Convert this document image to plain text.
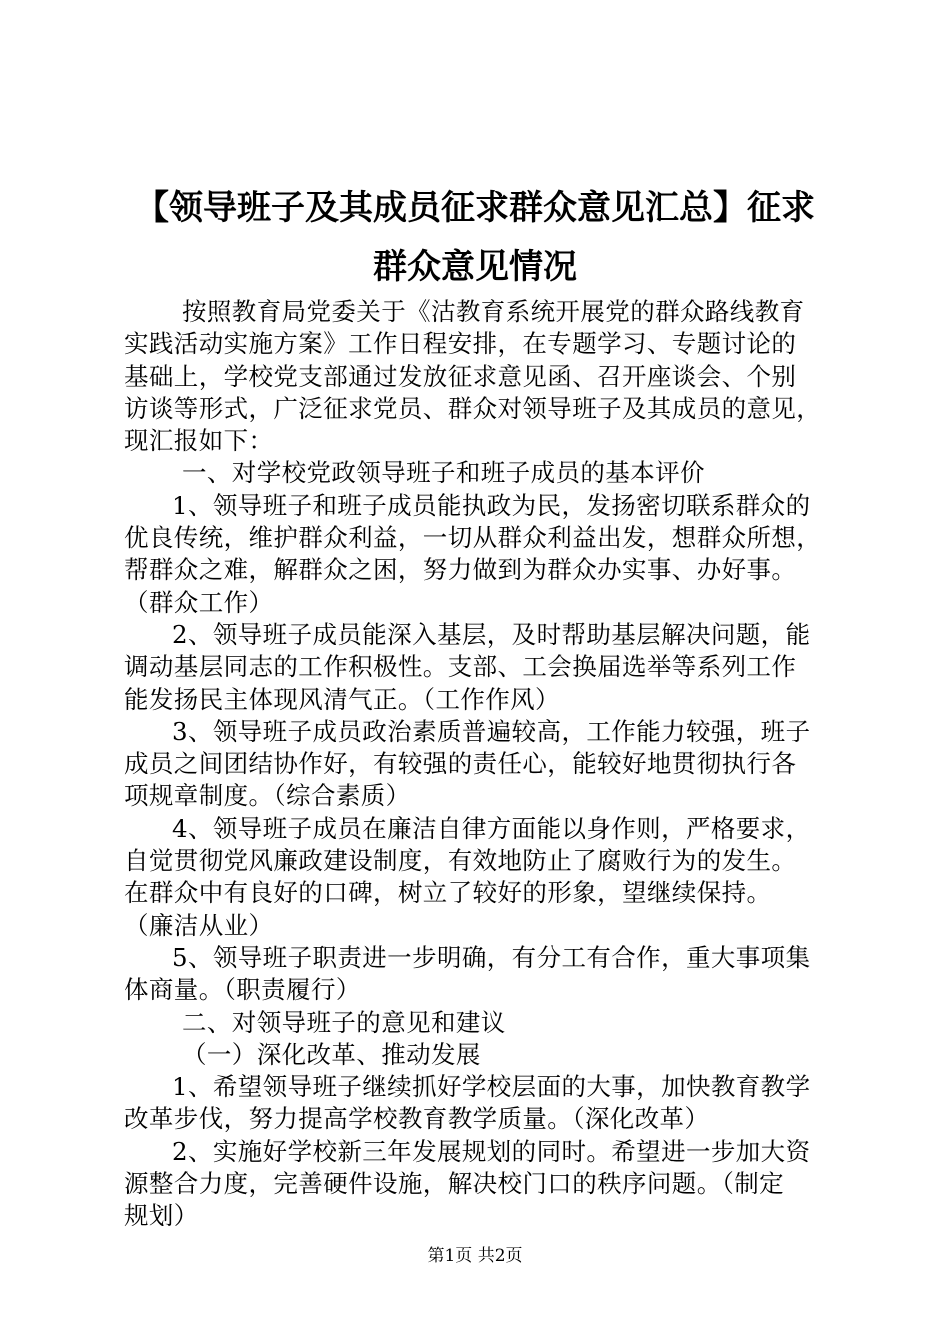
【领导班子及其成员征求群众意见汇总】征求
群众意见情况
按照教育局党委关于《沽教育系统开展党的群众路线教育
实践活动实施方案》工作日程安排，在专题学习、专题讨论的
基础上，学校党支部通过发放征求意见函、召开座谈会、个别
访谈等形式，广泛征求党员、群众对领导班子及其成员的意见，
现汇报如下：
一、对学校党政领导班子和班子成员的基本评价
1、领导班子和班子成员能执政为民，发扬密切联系群众的
优良传统，维护群众利益，一切从群众利益出发，想群众所想，
帮群众之难，解群众之困，努力做到为群众办实事、办好事。
（群众工作）
2、领导班子成员能深入基层，及时帮助基层解决问题，能
调动基层同志的工作积极性。支部、工会换届选举等系列工作
能发扬民主体现风清气正。（工作作风）
3、领导班子成员政治素质普遍较高，工作能力较强，班子
成员之间团结协作好，有较强的责任心，能较好地贯彻执行各
项规章制度。（综合素质）
4、领导班子成员在廉洁自律方面能以身作则，严格要求，
自觉贯彻党风廉政建设制度，有效地防止了腐败行为的发生。
在群众中有良好的口碑，树立了较好的形象，望继续保持。
（廉洁从业）
5、领导班子职责进一步明确，有分工有合作，重大事项集
体商量。（职责履行）
二、对领导班子的意见和建议
（一）深化改革、推动发展
1、希望领导班子继续抓好学校层面的大事，加快教育教学
改革步伐，努力提高学校教育教学质量。（深化改革）
2、实施好学校新三年发展规划的同时。希望进一步加大资
源整合力度，完善硬件设施，解决校门口的秩序问题。（制定
规划）
第1页 共2页
